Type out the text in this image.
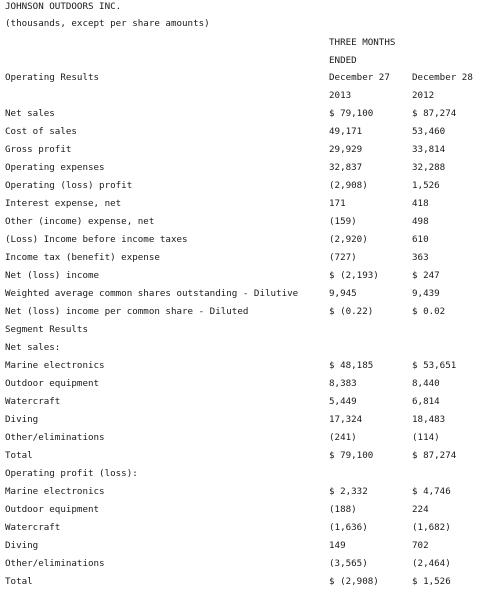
JOHNSON OUTDOORS INC.
(thousands, except per share amounts)
THREE MONTHS
ENDED
Operating Results	December 27 December 28
2013	2012
Net sales	$ 79,100	$ 87,274
Cost of sales	49,171	53,460
Gross profit	29,929	33,814
Operating expenses	32,837	32,288
Operating (loss) profit	(2,908)	1,526
Interest expense, net	171	418
Other (income) expense, net	(159)	498
(Loss) Income before income taxes	(2,920)	610
Income tax (benefit) expense	(727)	363
Net (loss) income	$ (2,193)	$ 247
Weighted average common shares outstanding - Dilutive	9,945	9,439
Net (loss) income per common share - Diluted	$ (0.22)	$ 0.02
Segment Results
Net sales:
Marine electronics	$ 48,185	$ 53,651
Outdoor equipment	8,383	8,440
Watercraft	5,449	6,814
Diving	17,324	18,483
Other/eliminations	(241)	(114)
Total	$ 79,100	$ 87,274
Operating profit (loss):
Marine electronics	$ 2,332	$ 4,746
Outdoor equipment	(188)	224
Watercraft	(1,636)	(1,682)
Diving	149	702
Other/eliminations	(3,565)	(2,464)
Total	$ (2,908)	$ 1,526
